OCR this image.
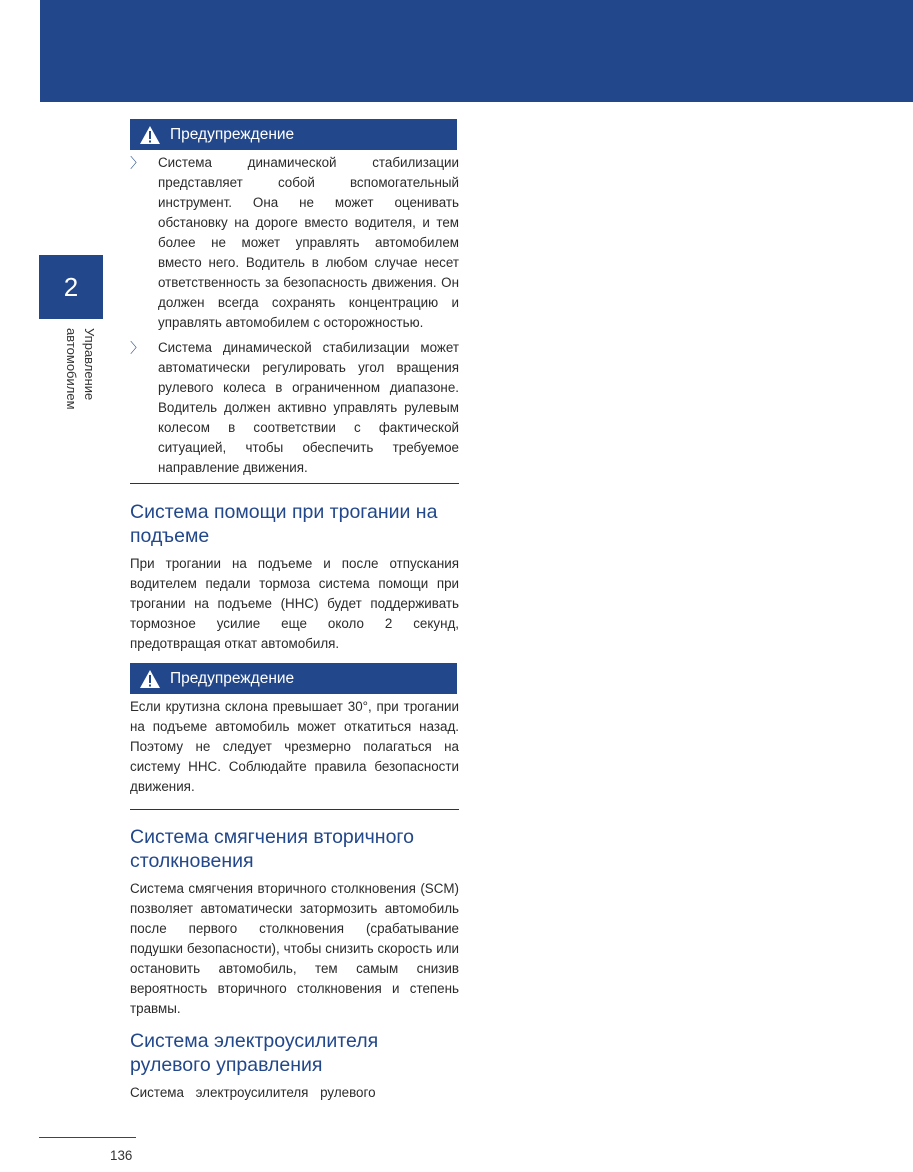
2
Управление автомобилем
Предупреждение
〉	Система динамической стабилизации представляет собой вспомогательный инструмент. Она не может оценивать обстановку на дороге вместо водителя, и тем более не может управлять автомобилем вместо него. Водитель в любом случае несет ответственность за безопасность движения. Он должен всегда сохранять концентрацию и управлять автомобилем с осторожностью.
〉	Система динамической стабилизации может автоматически регулировать угол вращения рулевого колеса в ограниченном диапазоне. Водитель должен активно управлять рулевым колесом в соответствии с фактической ситуацией, чтобы обеспечить требуемое направление движения.
Система помощи при трогании на подъеме

При трогании на подъеме и после отпускания водителем педали тормоза система помощи при трогании на подъеме (HHC) будет поддерживать тормозное усилие еще около 2 секунд, предотвращая откат автомобиля.

Предупреждение

Если крутизна склона превышает 30°, при трогании на подъеме автомобиль может откатиться назад. Поэтому не следует чрезмерно полагаться на систему HHC. Соблюдайте правила безопасности движения.

Система смягчения вторичного столкновения

Система смягчения вторичного столкновения (SCM) позволяет автоматически затормозить автомобиль после первого столкновения (срабатывание подушки безопасности), чтобы снизить скорость или остановить автомобиль, тем самым снизив вероятность вторичного столкновения и степень травмы.

Система электроусилителя рулевого управления

Система электроусилителя рулевого

136
